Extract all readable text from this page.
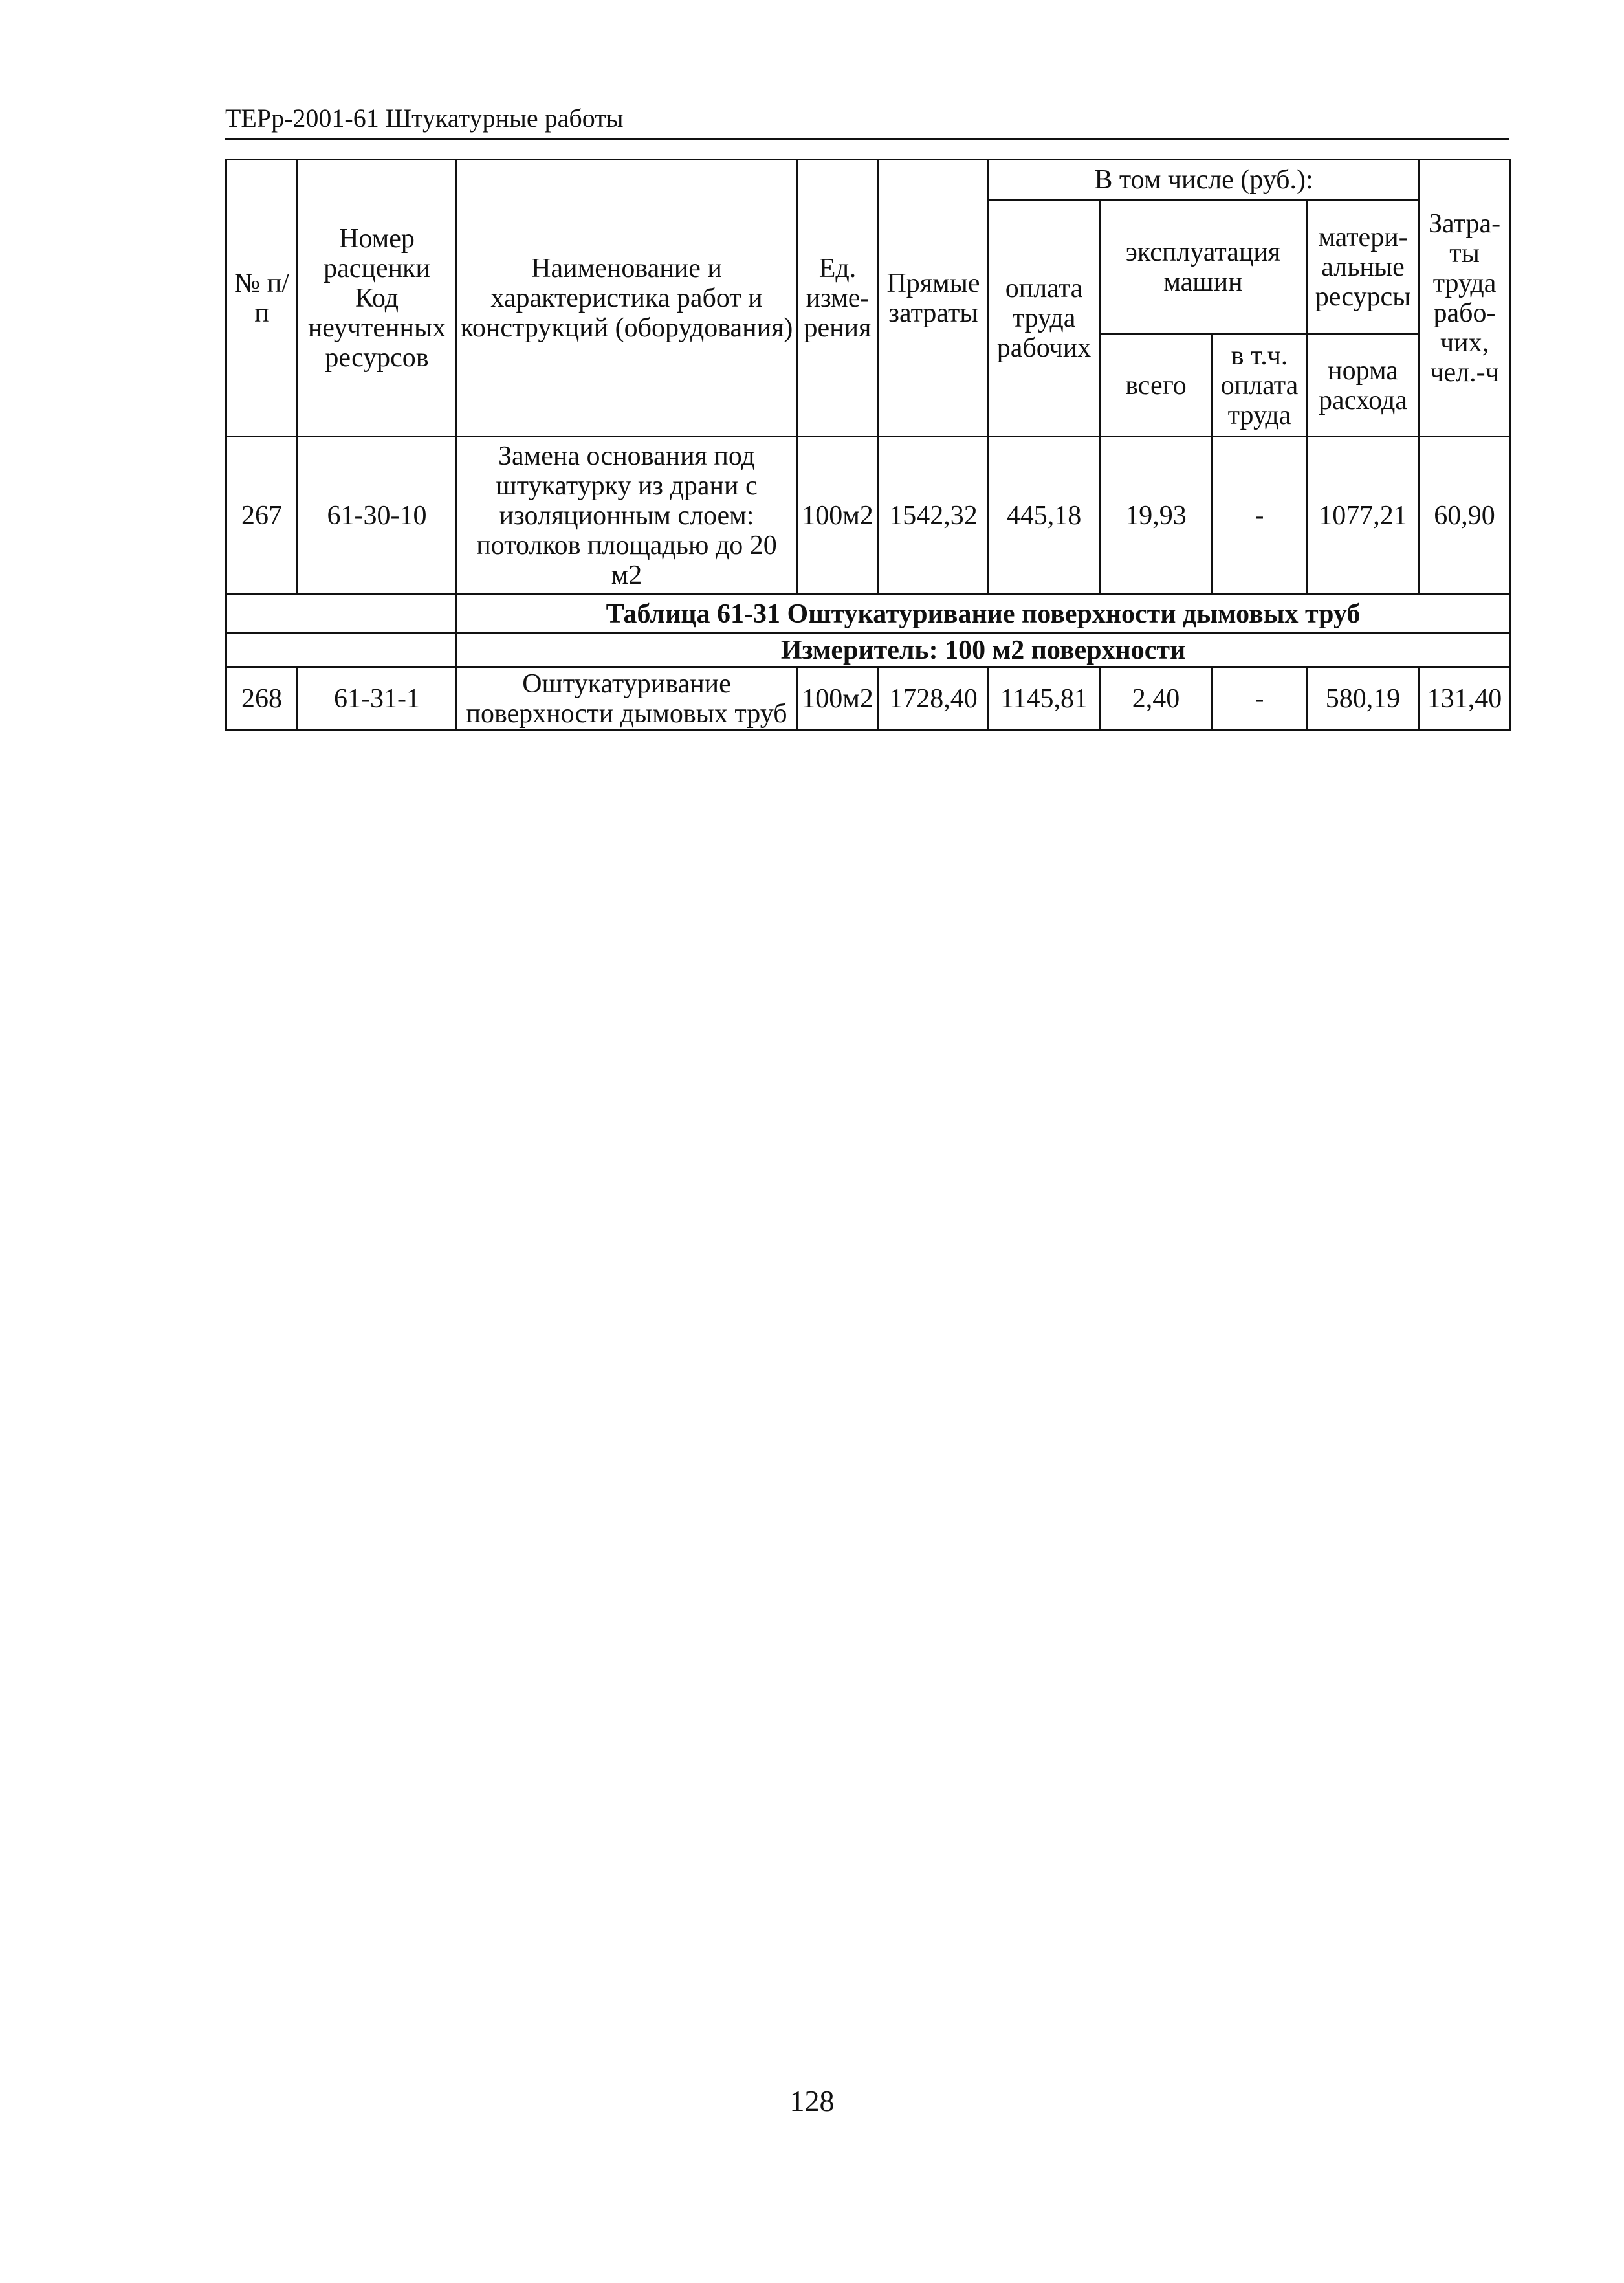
ТЕРр-2001-61 Штукатурные работы
№ п/п	Номер расценки Код неучтенных ресурсов	Наименование и характеристика работ и конструкций (оборудования)	Ед. изме-рения	Прямые затраты	В том числе (руб.):				Затра-ты труда рабо-чих, чел.-ч
					оплата труда рабочих	эксплуатация машин		матери-альные ресурсы	
						всего	в т.ч. оплата труда	норма расхода	
267	61-30-10	Замена основания под штукатурку из драни с изоляционным слоем: потолков площадью до 20 м2	100м2	1542,32	445,18	19,93	-	1077,21	60,90
		Таблица 61-31 Оштукатуривание поверхности дымовых труб							
		Измеритель: 100 м2 поверхности							
268	61-31-1	Оштукатуривание поверхности дымовых труб	100м2	1728,40	1145,81	2,40	-	580,19	131,40
128
